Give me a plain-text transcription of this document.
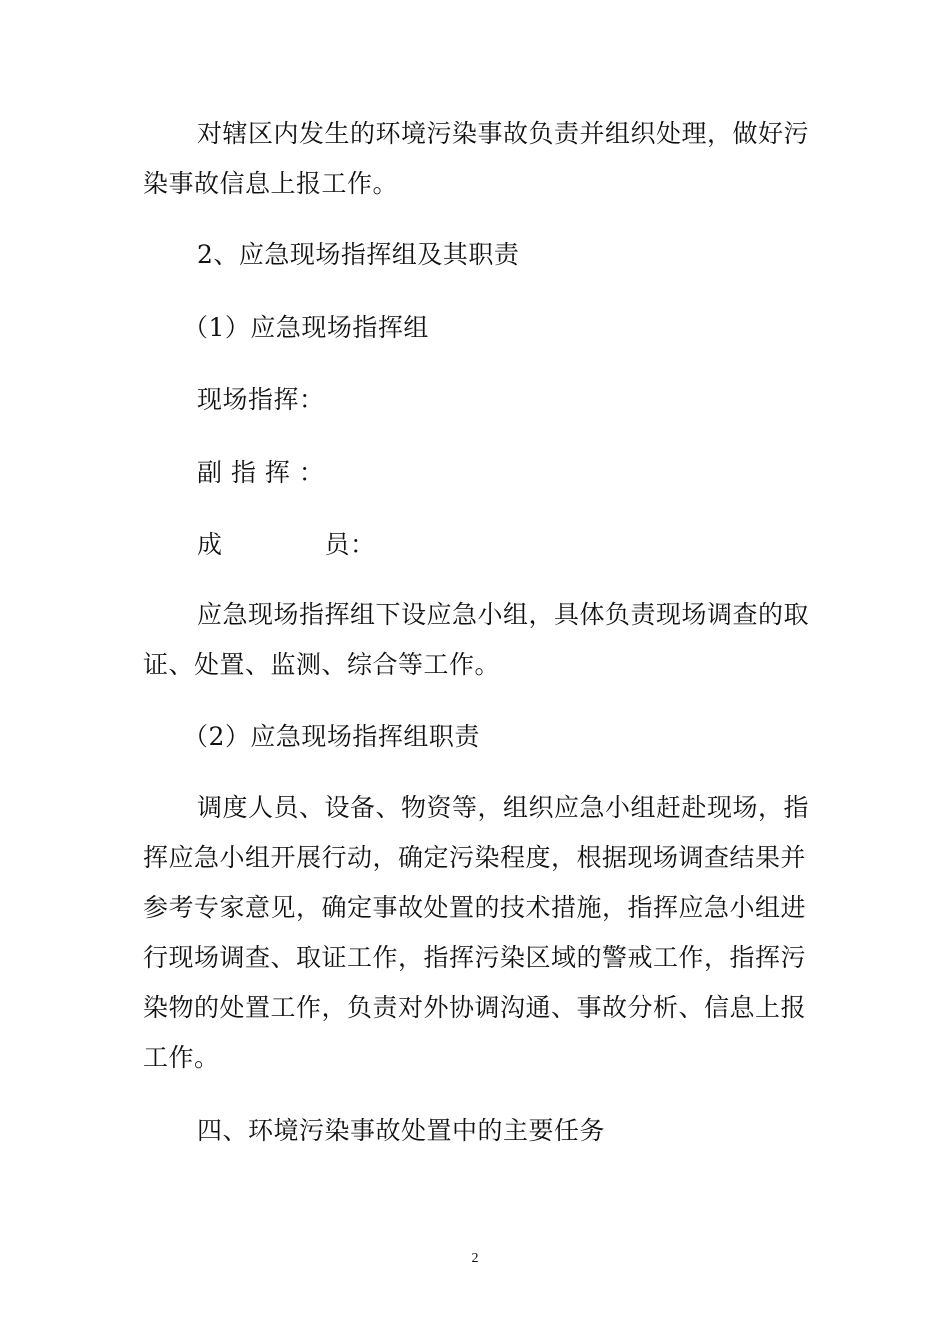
对辖区内发生的环境污染事故负责并组织处理，做好污
染事故信息上报工作。
2、应急现场指挥组及其职责
（1）应急现场指挥组
现场指挥：
副 指 挥 ：
成　　　　员：
应急现场指挥组下设应急小组，具体负责现场调查的取
证、处置、监测、综合等工作。
（2）应急现场指挥组职责
调度人员、设备、物资等，组织应急小组赶赴现场，指
挥应急小组开展行动，确定污染程度，根据现场调查结果并
参考专家意见，确定事故处置的技术措施，指挥应急小组进
行现场调查、取证工作，指挥污染区域的警戒工作，指挥污
染物的处置工作，负责对外协调沟通、事故分析、信息上报
工作。
四、环境污染事故处置中的主要任务
2
